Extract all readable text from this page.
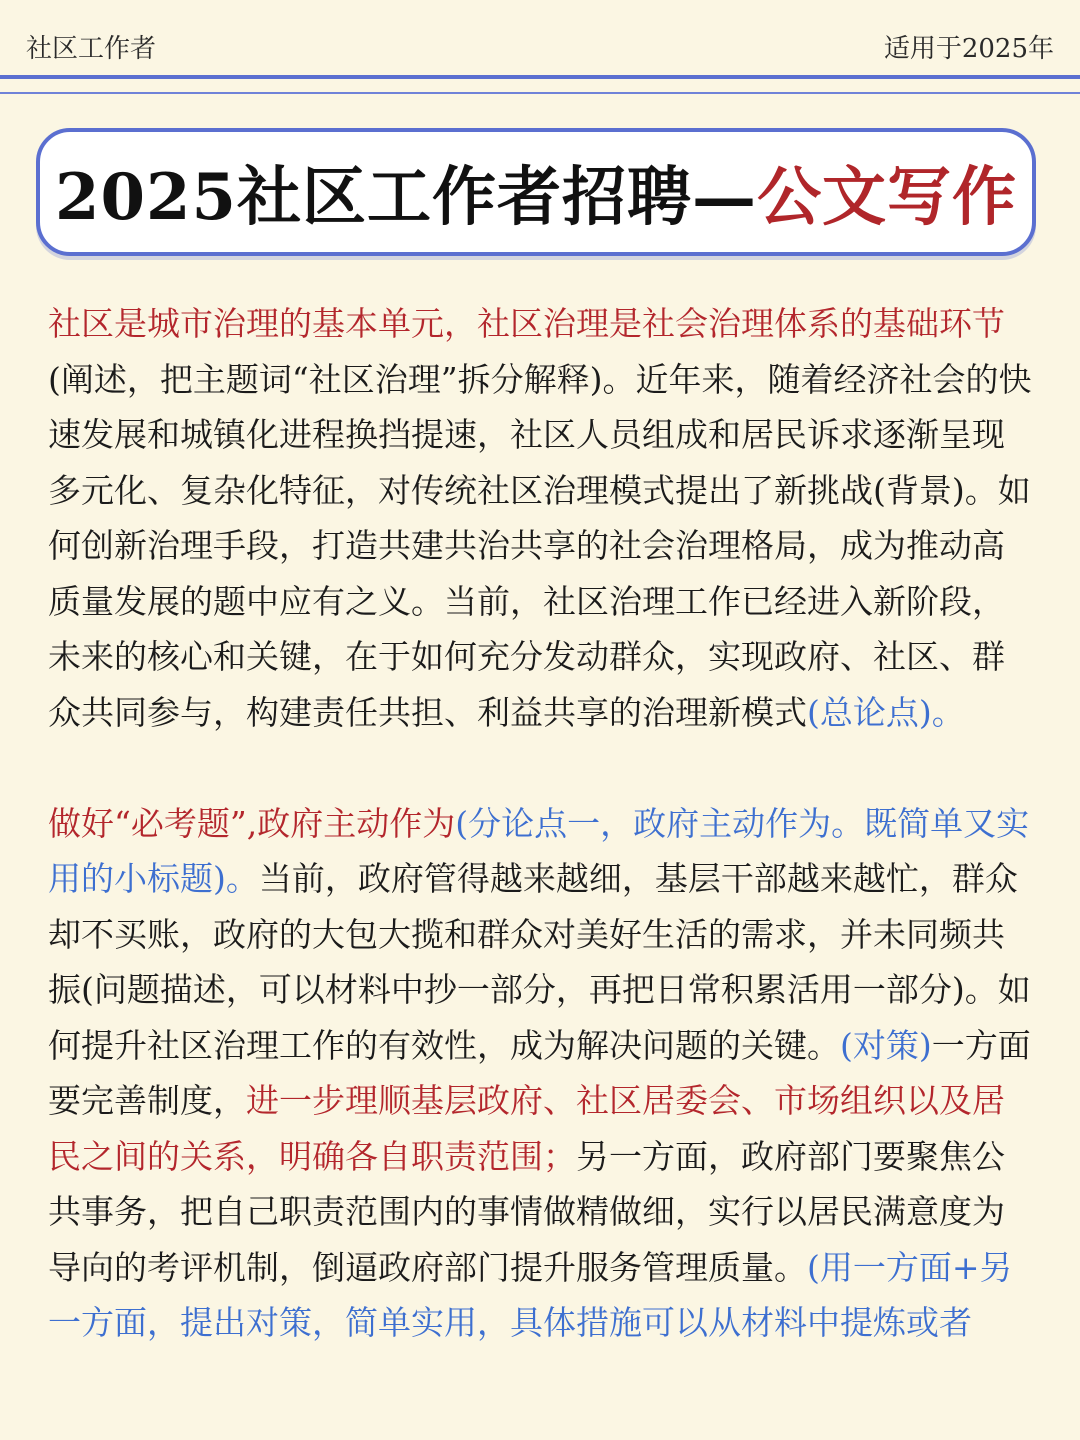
社区工作者	适用于2025年
2025社区工作者招聘—公文写作

社区是城市治理的基本单元，社区治理是社会治理体系的基础环节(阐述，把主题词“社区治理”拆分解释)。近年来，随着经济社会的快速发展和城镇化进程换挡提速，社区人员组成和居民诉求逐渐呈现多元化、复杂化特征，对传统社区治理模式提出了新挑战(背景)。如何创新治理手段，打造共建共治共享的社会治理格局，成为推动高质量发展的题中应有之义。当前，社区治理工作已经进入新阶段，未来的核心和关键，在于如何充分发动群众，实现政府、社区、群众共同参与，构建责任共担、利益共享的治理新模式(总论点)。

做好“必考题”,政府主动作为(分论点一，政府主动作为。既简单又实用的小标题)。当前，政府管得越来越细，基层干部越来越忙，群众却不买账，政府的大包大揽和群众对美好生活的需求，并未同频共振(问题描述，可以材料中抄一部分，再把日常积累活用一部分)。如何提升社区治理工作的有效性，成为解决问题的关键。(对策)一方面要完善制度，进一步理顺基层政府、社区居委会、市场组织以及居民之间的关系，明确各自职责范围；另一方面，政府部门要聚焦公共事务，把自己职责范围内的事情做精做细，实行以居民满意度为导向的考评机制，倒逼政府部门提升服务管理质量。(用一方面+另一方面，提出对策，简单实用，具体措施可以从材料中提炼或者
